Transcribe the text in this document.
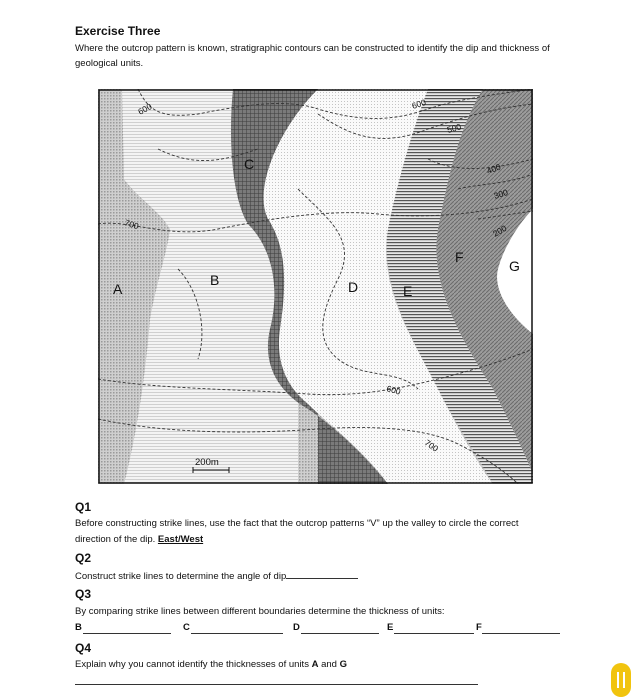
Exercise Three
Where the outcrop pattern is known, stratigraphic contours can be constructed to identify the dip and thickness of geological units.
A
B
C
D	E
F
G
600
700
600
500
400
300
200
600
700
200m
Q1
Before constructing strike lines, use the fact that the outcrop patterns “V” up the valley to circle the correct direction of the dip. East/West
Q2
Construct strike lines to determine the angle of dip
Q3
By comparing strike lines between different boundaries determine the thickness of units:
B	C	D	E	F
Q4
Explain why you cannot identify the thicknesses of units A and G
